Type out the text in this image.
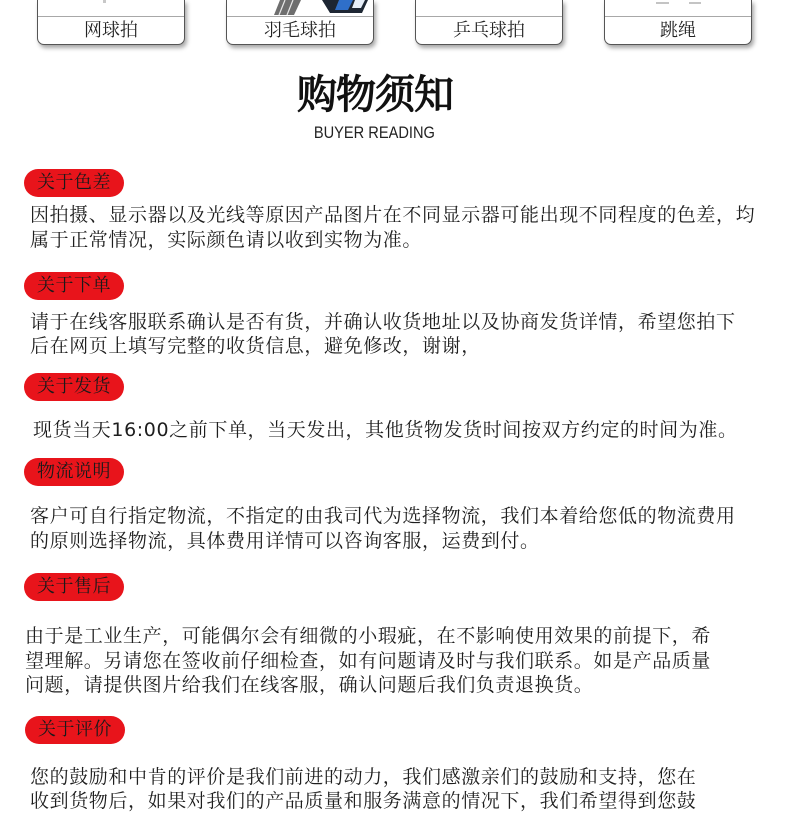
网球拍	羽毛球拍	乒乓球拍	跳绳
购物须知
BUYER READING
关于色差
因拍摄、显示器以及光线等原因产品图片在不同显示器可能出现不同程度的色差，均
属于正常情况，实际颜色请以收到实物为准。
关于下单
请于在线客服联系确认是否有货，并确认收货地址以及协商发货详情，希望您拍下
后在网页上填写完整的收货信息，避免修改，谢谢，
关于发货
现货当天16:00之前下单，当天发出，其他货物发货时间按双方约定的时间为准。
物流说明
客户可自行指定物流，不指定的由我司代为选择物流，我们本着给您低的物流费用
的原则选择物流，具体费用详情可以咨询客服，运费到付。
关于售后
由于是工业生产，可能偶尔会有细微的小瑕疵，在不影响使用效果的前提下，希
望理解。另请您在签收前仔细检查，如有问题请及时与我们联系。如是产品质量
问题，请提供图片给我们在线客服，确认问题后我们负责退换货。
关于评价
您的鼓励和中肯的评价是我们前进的动力，我们感激亲们的鼓励和支持，您在
收到货物后，如果对我们的产品质量和服务满意的情况下，我们希望得到您鼓
